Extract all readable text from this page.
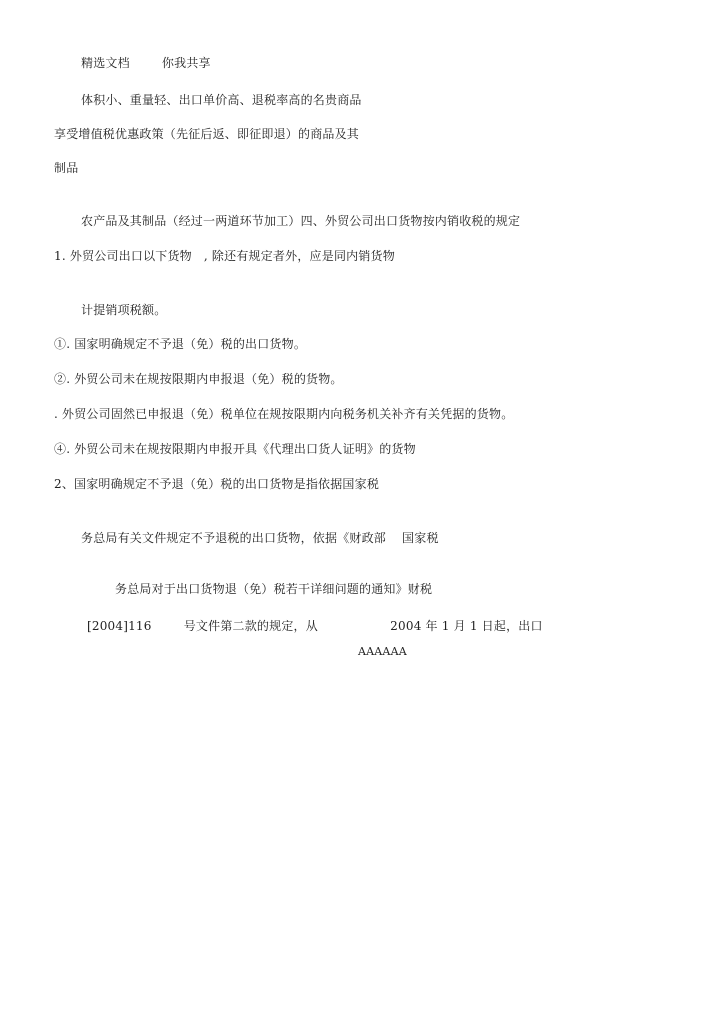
精选文档        你我共享
体积小、重量轻、出口单价高、退税率高的名贵商品
享受增值税优惠政策（先征后返、即征即退）的商品及其
制品
农产品及其制品（经过一两道环节加工）四、外贸公司出口货物按内销收税的规定
1. 外贸公司出口以下货物   , 除还有规定者外，应是同内销货物
计提销项税额。
①. 国家明确规定不予退（免）税的出口货物。
②. 外贸公司未在规按限期内申报退（免）税的货物。
. 外贸公司固然已申报退（免）税单位在规按限期内向税务机关补齐有关凭据的货物。
④. 外贸公司未在规按限期内申报开具《代理出口货人证明》的货物
2、国家明确规定不予退（免）税的出口货物是指依据国家税
务总局有关文件规定不予退税的出口货物，依据《财政部    国家税
务总局对于出口货物退（免）税若干详细问题的通知》财税
[2004]116        号文件第二款的规定，从                  2004 年 1 月 1 日起，出口
AAAAAA
